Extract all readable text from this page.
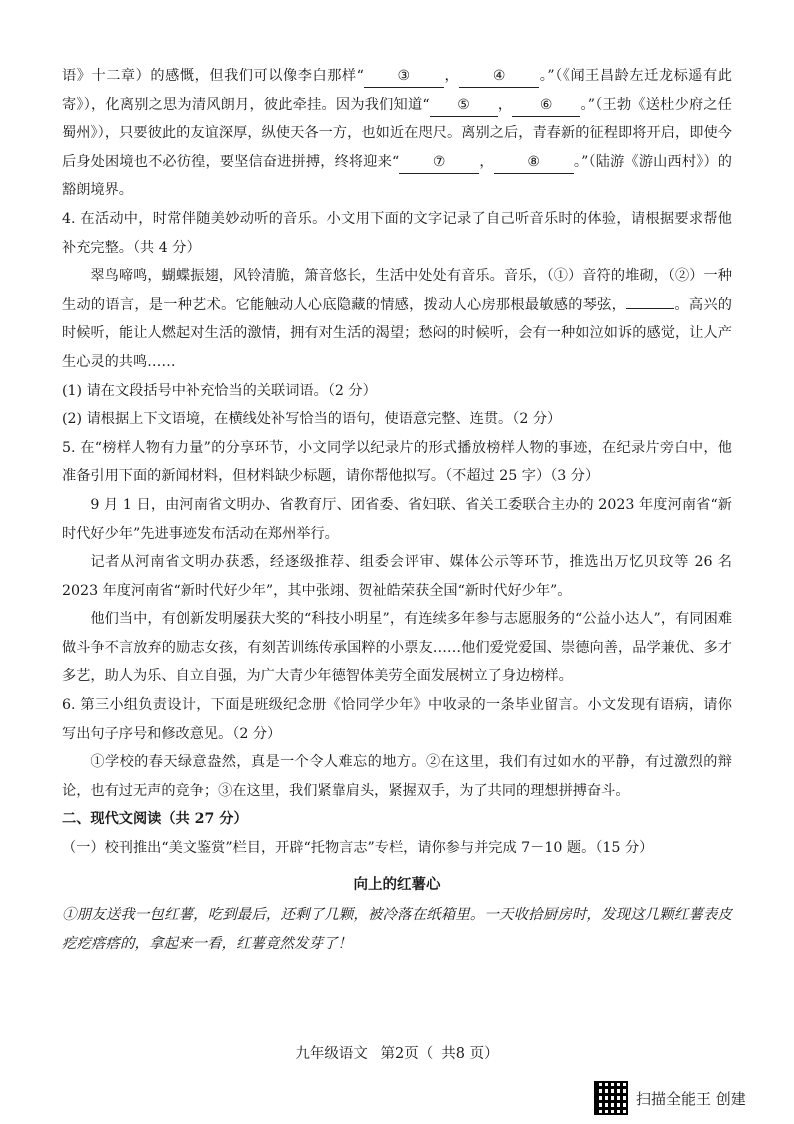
语》十二章）的感慨，但我们可以像李白那样“ ③ ， ④ 。”（《闻王昌龄左迁龙标遥有此寄》），化离别之思为清风朗月，彼此牵挂。因为我们知道“ ⑤ ， ⑥ 。”（王勃《送杜少府之任蜀州》），只要彼此的友谊深厚，纵使天各一方，也如近在咫尺。离别之后，青春新的征程即将开启，即使今后身处困境也不必彷徨，要坚信奋进拼搏，终将迎来“ ⑦ ， ⑧ 。”（陆游《游山西村》）的豁朗境界。

4. 在活动中，时常伴随美妙动听的音乐。小文用下面的文字记录了自己听音乐时的体验，请根据要求帮他补充完整。（共 4 分）

翠鸟啼鸣，蝴蝶振翅，风铃清脆，箫音悠长，生活中处处有音乐。音乐，（①）音符的堆砌，（②）一种生动的语言，是一种艺术。它能触动人心底隐藏的情感，拨动人心房那根最敏感的琴弦，	。高兴的时候听，能让人燃起对生活的激情，拥有对生活的渴望；愁闷的时候听，会有一种如泣如诉的感觉，让人产生心灵的共鸣……

(1) 请在文段括号中补充恰当的关联词语。（2 分）

(2) 请根据上下文语境，在横线处补写恰当的语句，使语意完整、连贯。（2 分）

5. 在“榜样人物有力量”的分享环节，小文同学以纪录片的形式播放榜样人物的事迹，在纪录片旁白中，他准备引用下面的新闻材料，但材料缺少标题，请你帮他拟写。（不超过 25 字）（3 分）

9 月 1 日，由河南省文明办、省教育厅、团省委、省妇联、省关工委联合主办的 2023 年度河南省“新时代好少年”先进事迹发布活动在郑州举行。

记者从河南省文明办获悉，经逐级推荐、组委会评审、媒体公示等环节，推选出万忆贝玟等 26 名 2023 年度河南省“新时代好少年”，其中张翊、贺祉皓荣获全国“新时代好少年”。

他们当中，有创新发明屡获大奖的“科技小明星”，有连续多年参与志愿服务的“公益小达人”，有同困难做斗争不言放弃的励志女孩，有刻苦训练传承国粹的小票友……他们爱党爱国、崇德向善，品学兼优、多才多艺，助人为乐、自立自强，为广大青少年德智体美劳全面发展树立了身边榜样。

6. 第三小组负责设计，下面是班级纪念册《恰同学少年》中收录的一条毕业留言。小文发现有语病，请你写出句子序号和修改意见。（2 分）

①学校的春天绿意盎然，真是一个令人难忘的地方。②在这里，我们有过如水的平静，有过激烈的辩论，也有过无声的竞争；③在这里，我们紧靠肩头，紧握双手，为了共同的理想拼搏奋斗。

二、现代文阅读（共 27 分）

（一）校刊推出“美文鉴赏”栏目，开辟“托物言志”专栏，请你参与并完成 7－10 题。（15 分）

向上的红薯心

①朋友送我一包红薯，吃到最后，还剩了几颗，被冷落在纸箱里。一天收拾厨房时，发现这几颗红薯表皮疙疙瘩瘩的，拿起来一看，红薯竟然发芽了！

九年级语文 第2页（ 共8 页）
扫描全能王 创建
